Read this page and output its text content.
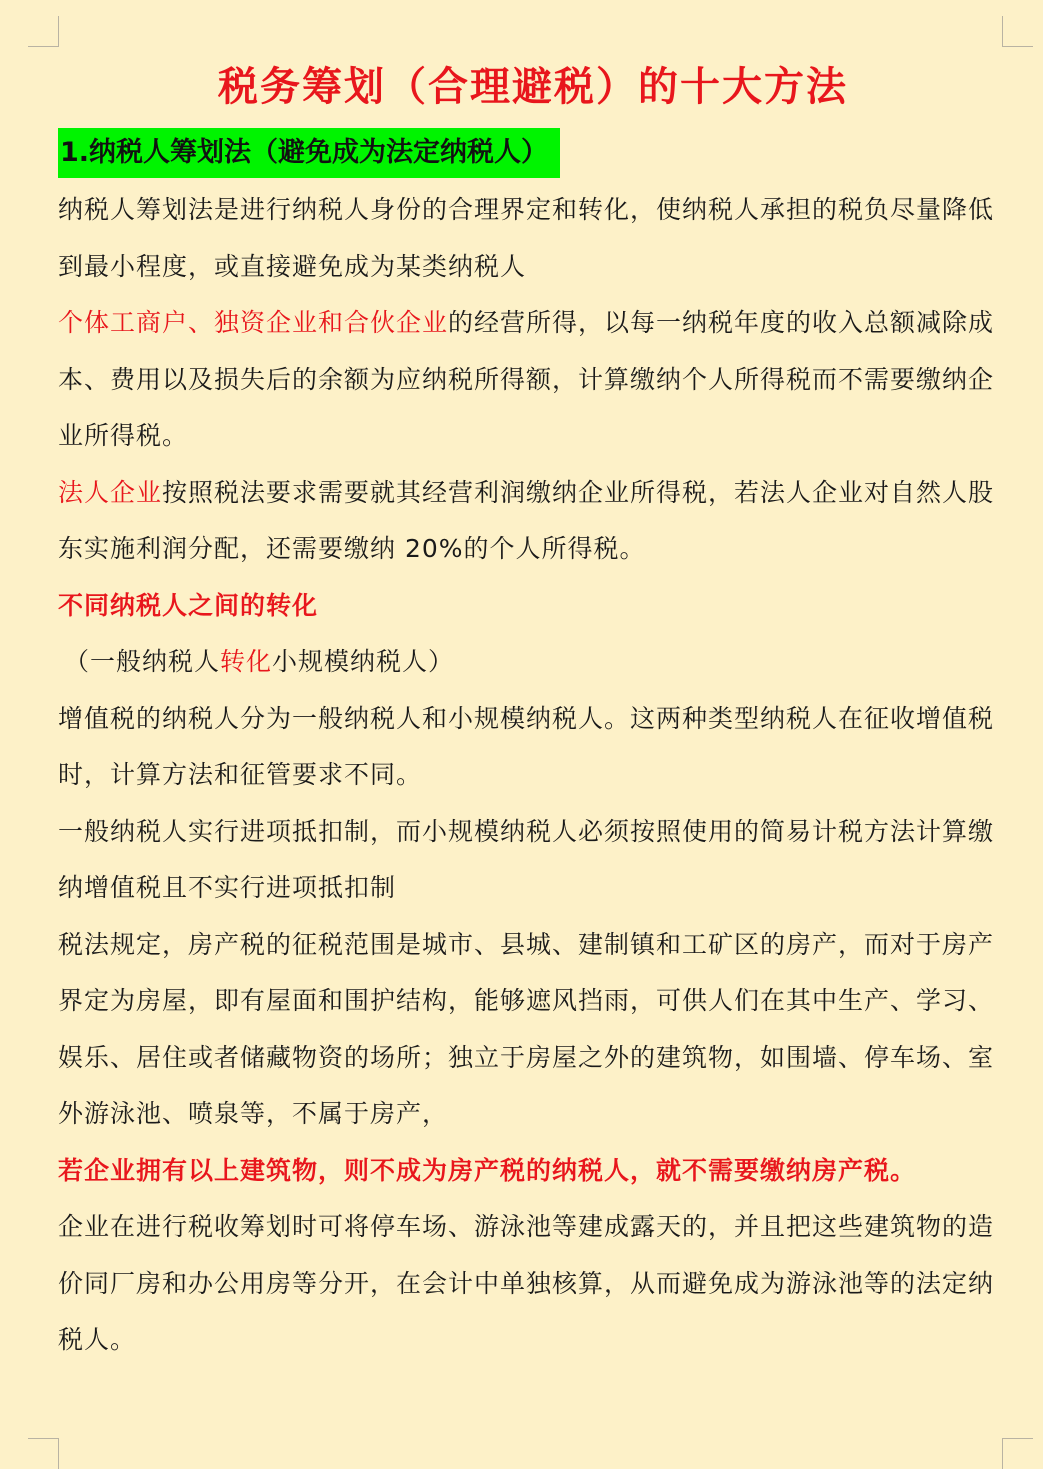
税务筹划（合理避税）的十大方法
1.纳税人筹划法（避免成为法定纳税人）

纳税人筹划法是进行纳税人身份的合理界定和转化，使纳税人承担的税负尽量降低到最小程度，或直接避免成为某类纳税人

个体工商户、独资企业和合伙企业的经营所得，以每一纳税年度的收入总额减除成本、费用以及损失后的余额为应纳税所得额，计算缴纳个人所得税而不需要缴纳企业所得税。

法人企业按照税法要求需要就其经营利润缴纳企业所得税，若法人企业对自然人股东实施利润分配，还需要缴纳 20%的个人所得税。

不同纳税人之间的转化

（一般纳税人转化小规模纳税人）

增值税的纳税人分为一般纳税人和小规模纳税人。这两种类型纳税人在征收增值税时，计算方法和征管要求不同。

一般纳税人实行进项抵扣制，而小规模纳税人必须按照使用的简易计税方法计算缴纳增值税且不实行进项抵扣制

税法规定，房产税的征税范围是城市、县城、建制镇和工矿区的房产，而对于房产界定为房屋，即有屋面和围护结构，能够遮风挡雨，可供人们在其中生产、学习、娱乐、居住或者储藏物资的场所；独立于房屋之外的建筑物，如围墙、停车场、室外游泳池、喷泉等，不属于房产，

若企业拥有以上建筑物，则不成为房产税的纳税人，就不需要缴纳房产税。

企业在进行税收筹划时可将停车场、游泳池等建成露天的，并且把这些建筑物的造价同厂房和办公用房等分开，在会计中单独核算，从而避免成为游泳池等的法定纳税人。
